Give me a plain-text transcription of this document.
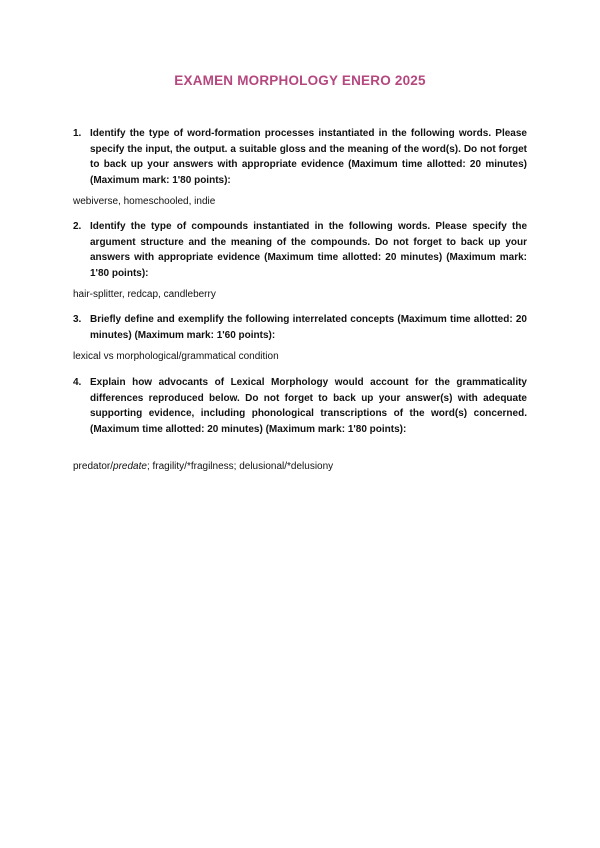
EXAMEN MORPHOLOGY ENERO 2025
1. Identify the type of word-formation processes instantiated in the following words. Please specify the input, the output. a suitable gloss and the meaning of the word(s). Do not forget to back up your answers with appropriate evidence (Maximum time allotted: 20 minutes) (Maximum mark: 1'80 points):
webiverse, homeschooled, indie
2. Identify the type of compounds instantiated in the following words. Please specify the argument structure and the meaning of the compounds. Do not forget to back up your answers with appropriate evidence (Maximum time allotted: 20 minutes) (Maximum mark: 1'80 points):
hair-splitter, redcap, candleberry
3. Briefly define and exemplify the following interrelated concepts (Maximum time allotted: 20 minutes) (Maximum mark: 1'60 points):
lexical vs morphological/grammatical condition
4. Explain how advocants of Lexical Morphology would account for the grammaticality differences reproduced below. Do not forget to back up your answer(s) with adequate supporting evidence, including phonological transcriptions of the word(s) concerned. (Maximum time allotted: 20 minutes) (Maximum mark: 1'80 points):
predator/predate; fragility/*fragilness; delusional/*delusiony
